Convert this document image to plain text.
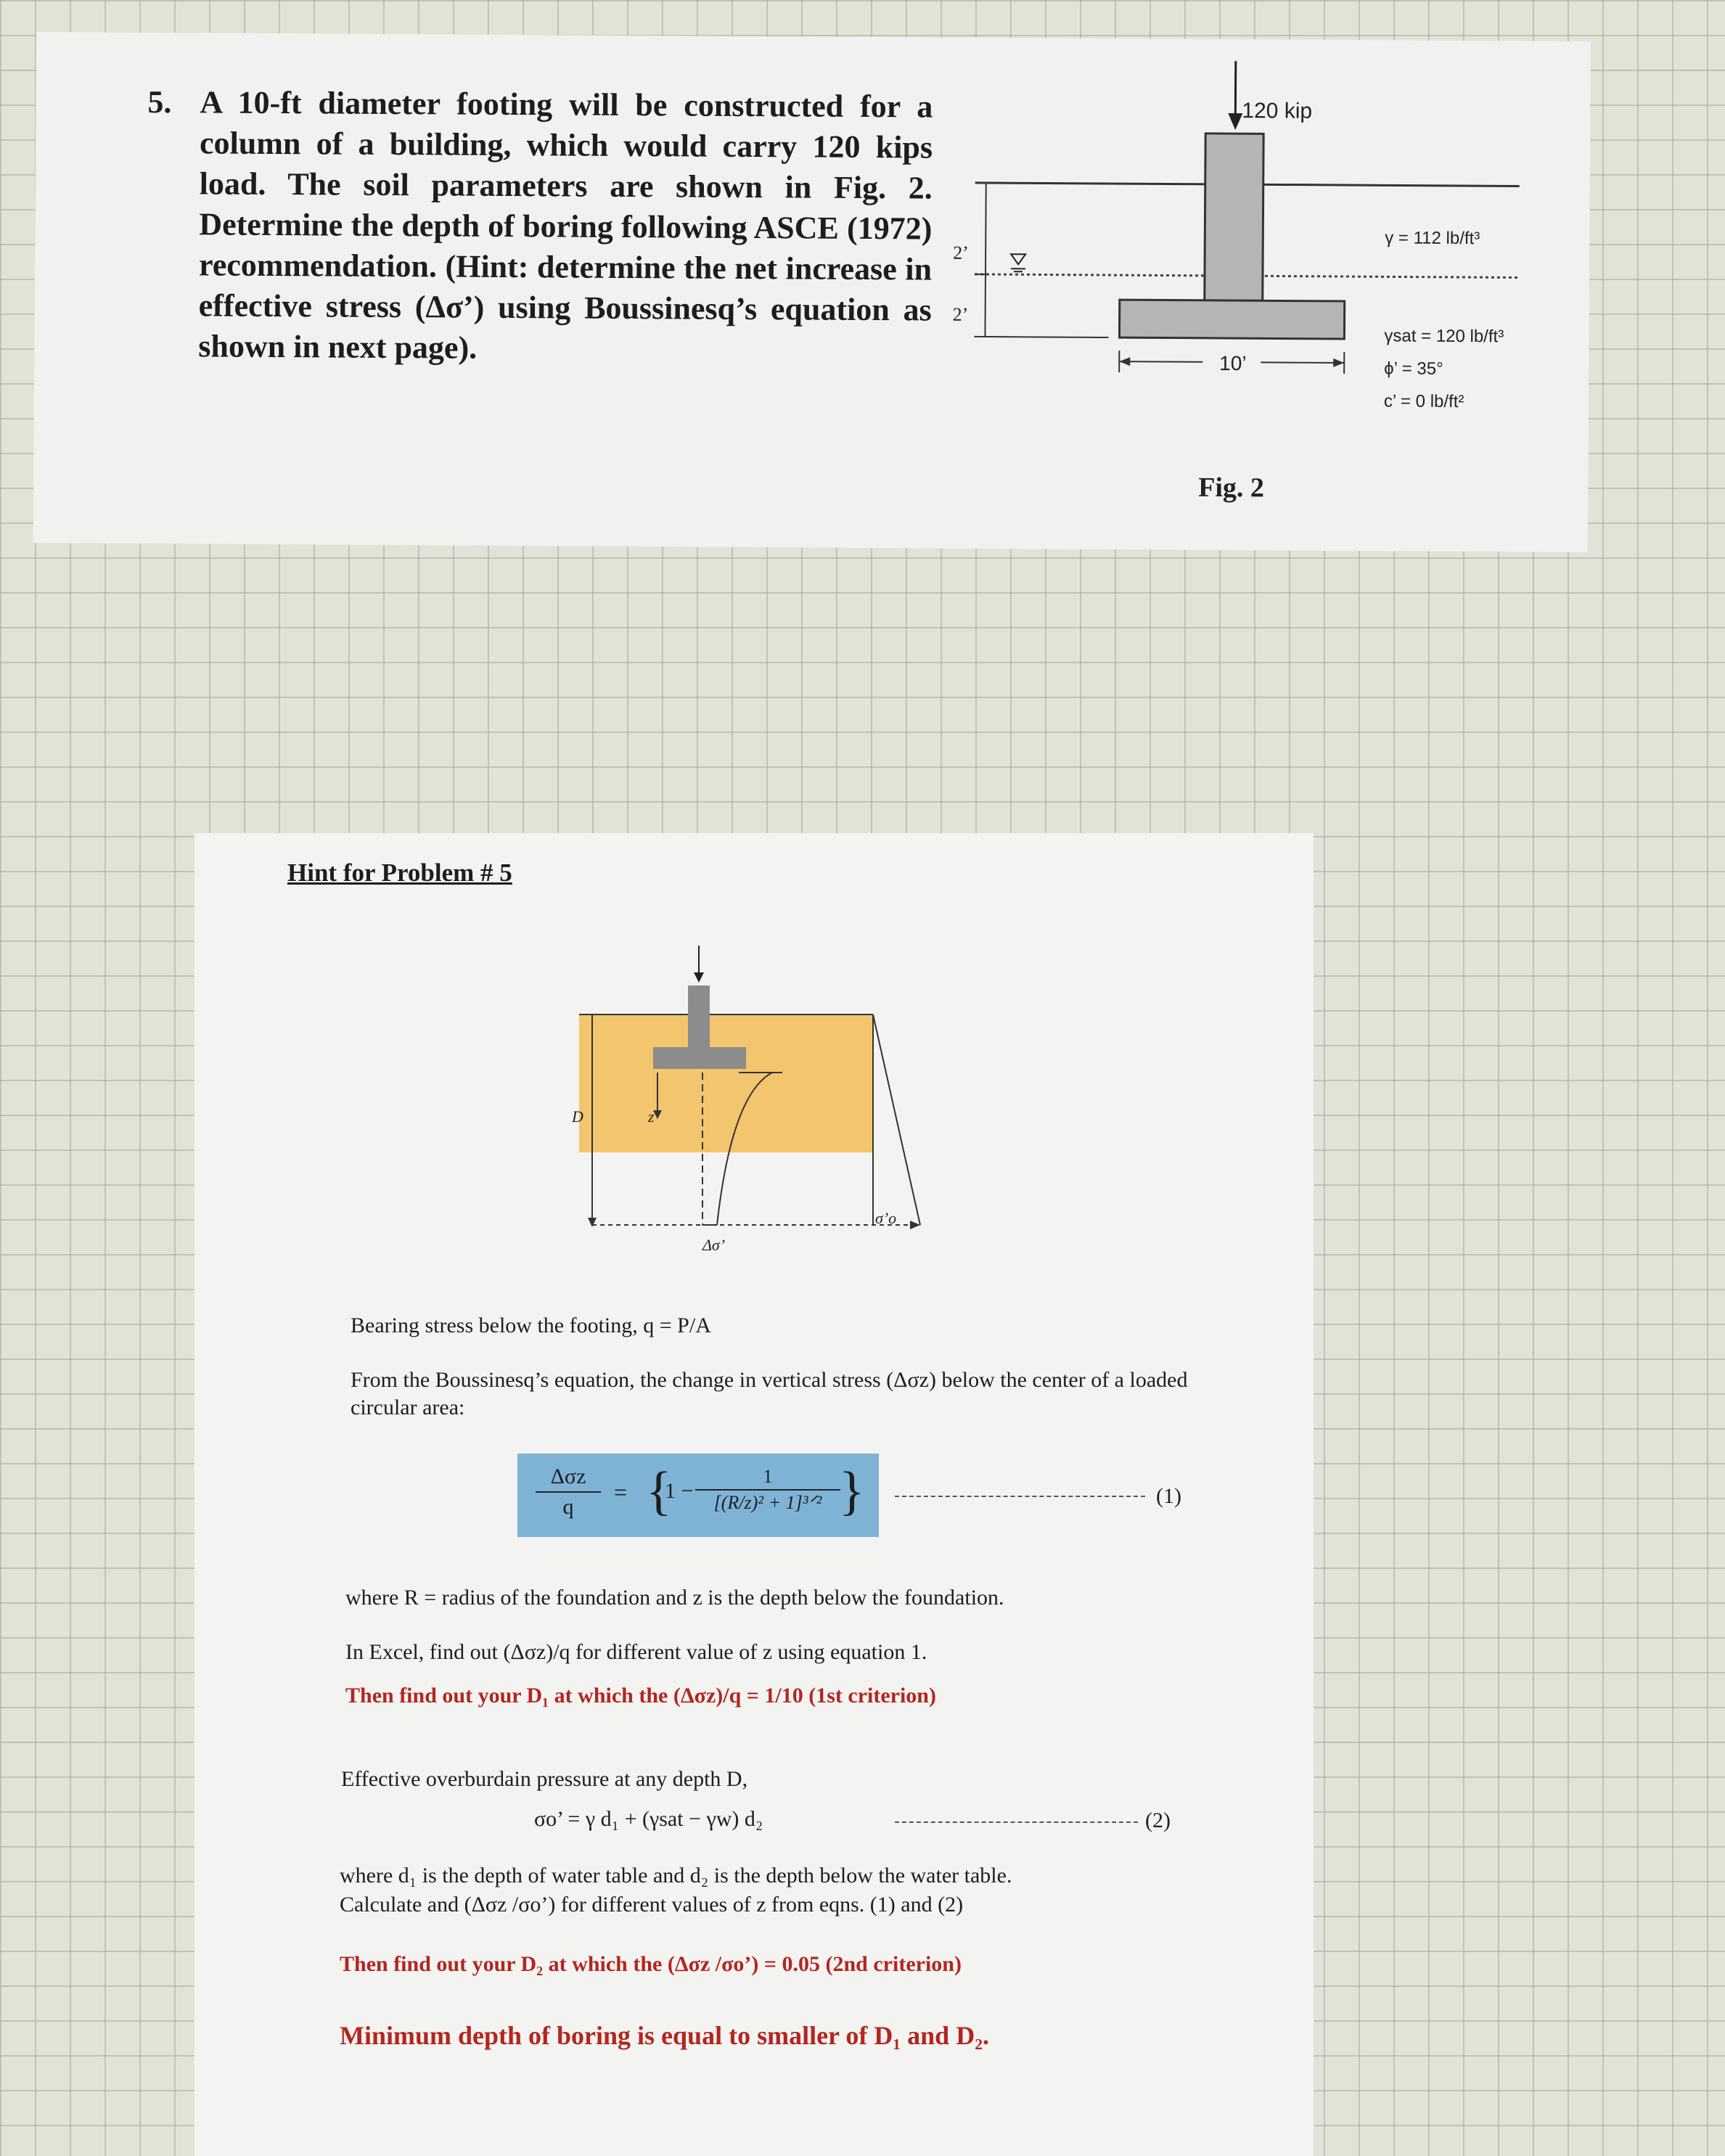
5. A 10-ft diameter footing will be constructed for a column of a building, which would carry 120 kips load. The soil parameters are shown in Fig. 2. Determine the depth of boring following ASCE (1972) recommendation. (Hint: determine the net increase in effective stress (Δσ’) using Boussinesq’s equation as shown in next page).
120 kip
2’
2’
10’
γ = 112 lb/ft³
γsat = 120 lb/ft³
ϕ’ = 35°
c’ = 0 lb/ft²
Fig. 2
Hint for Problem # 5
D	z
Δσ’
σ’o
Bearing stress below the footing, q = P/A
From the Boussinesq’s equation, the change in vertical stress (Δσz) below the center of a loaded circular area:
Δσz
q
= {
1 −
1
[(R/z)² + 1]³ᐟ² }	(1)
where R = radius of the foundation and z is the depth below the foundation.
In Excel, find out (Δσz)/q for different value of z using equation 1.
Then find out your D₁ at which the (Δσz)/q = 1/10 (1st criterion)
Effective overburdain pressure at any depth D,
σo’ = γ d₁ + (γsat − γw) d₂	(2)
where d₁ is the depth of water table and d₂ is the depth below the water table.
Calculate and (Δσz /σo’) for different values of z from eqns. (1) and (2)
Then find out your D₂ at which the (Δσz /σo’) = 0.05 (2nd criterion)
Minimum depth of boring is equal to smaller of D₁ and D₂.
